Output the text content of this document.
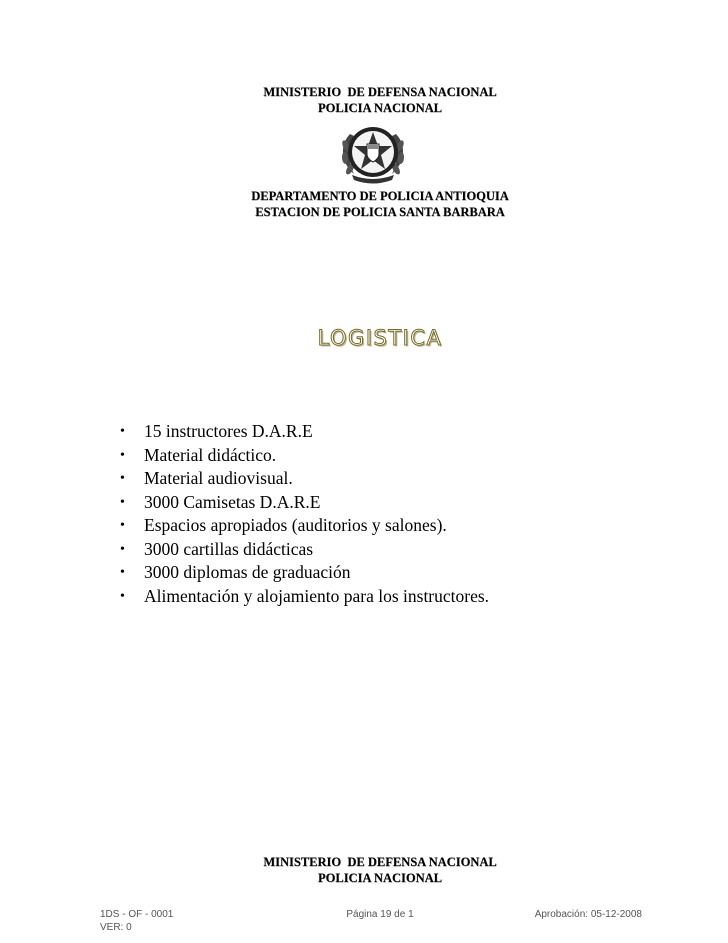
MINISTERIO  DE DEFENSA NACIONAL
POLICIA NACIONAL
DEPARTAMENTO DE POLICIA ANTIOQUIA
ESTACION DE POLICIA SANTA BARBARA
LOGISTICA
• 15 instructores D.A.R.E
• Material didáctico.
• Material audiovisual.
• 3000 Camisetas D.A.R.E
• Espacios apropiados (auditorios y salones).
• 3000 cartillas didácticas
• 3000 diplomas de graduación
• Alimentación y alojamiento para los instructores.
MINISTERIO  DE DEFENSA NACIONAL
POLICIA NACIONAL
1DS - OF - 0001	Página 19 de 1	Aprobación: 05-12-2008
VER: 0
